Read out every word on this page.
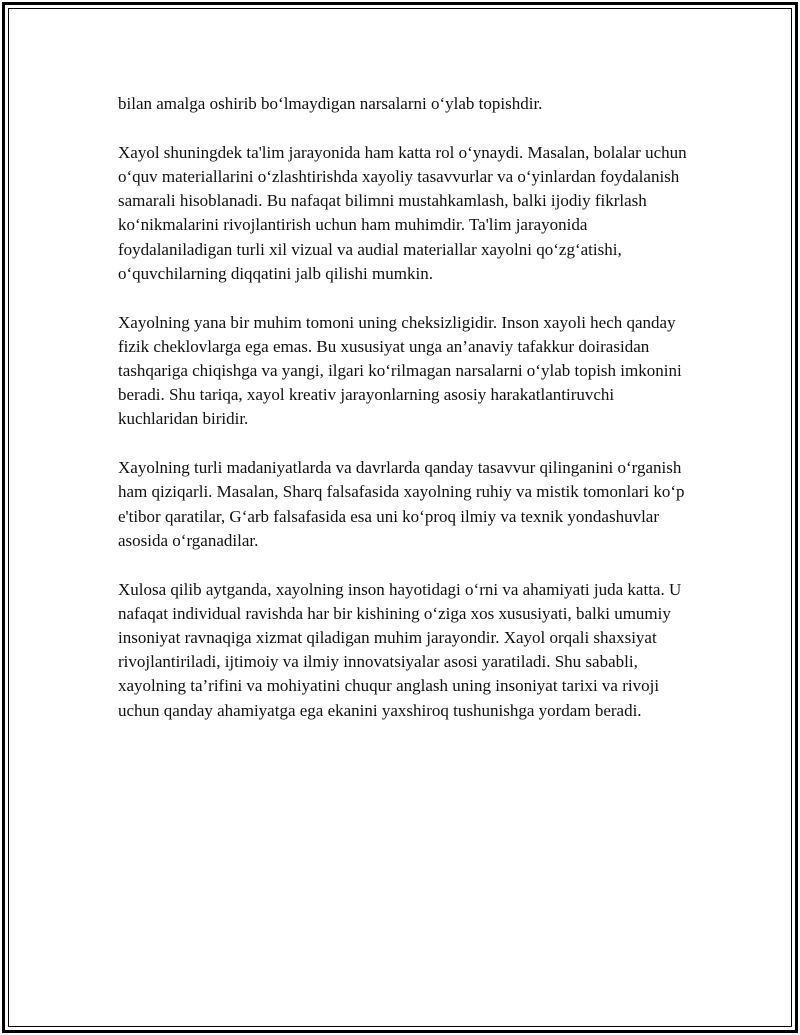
bilan amalga oshirib boʻlmaydigan narsalarni oʻylab topishdir.

Xayol shuningdek ta'lim jarayonida ham katta rol oʻynaydi. Masalan, bolalar uchun oʻquv materiallarini oʻzlashtirishda xayoliy tasavvurlar va oʻyinlardan foydalanish samarali hisoblanadi. Bu nafaqat bilimni mustahkamlash, balki ijodiy fikrlash koʻnikmalarini rivojlantirish uchun ham muhimdir. Ta'lim jarayonida foydalaniladigan turli xil vizual va audial materiallar xayolni qoʻzgʻatishi, oʻquvchilarning diqqatini jalb qilishi mumkin.

Xayolning yana bir muhim tomoni uning cheksizligidir. Inson xayoli hech qanday fizik cheklovlarga ega emas. Bu xususiyat unga an’anaviy tafakkur doirasidan tashqariga chiqishga va yangi, ilgari koʻrilmagan narsalarni oʻylab topish imkonini beradi. Shu tariqa, xayol kreativ jarayonlarning asosiy harakatlantiruvchi kuchlaridan biridir.

Xayolning turli madaniyatlarda va davrlarda qanday tasavvur qilinganini oʻrganish ham qiziqarli. Masalan, Sharq falsafasida xayolning ruhiy va mistik tomonlari koʻp e'tibor qaratilar, Gʻarb falsafasida esa uni koʻproq ilmiy va texnik yondashuvlar asosida oʻrganadilar.

Xulosa qilib aytganda, xayolning inson hayotidagi oʻrni va ahamiyati juda katta. U nafaqat individual ravishda har bir kishining oʻziga xos xususiyati, balki umumiy insoniyat ravnaqiga xizmat qiladigan muhim jarayondir. Xayol orqali shaxsiyat rivojlantiriladi, ijtimoiy va ilmiy innovatsiyalar asosi yaratiladi. Shu sababli, xayolning ta’rifini va mohiyatini chuqur anglash uning insoniyat tarixi va rivoji uchun qanday ahamiyatga ega ekanini yaxshiroq tushunishga yordam beradi.
